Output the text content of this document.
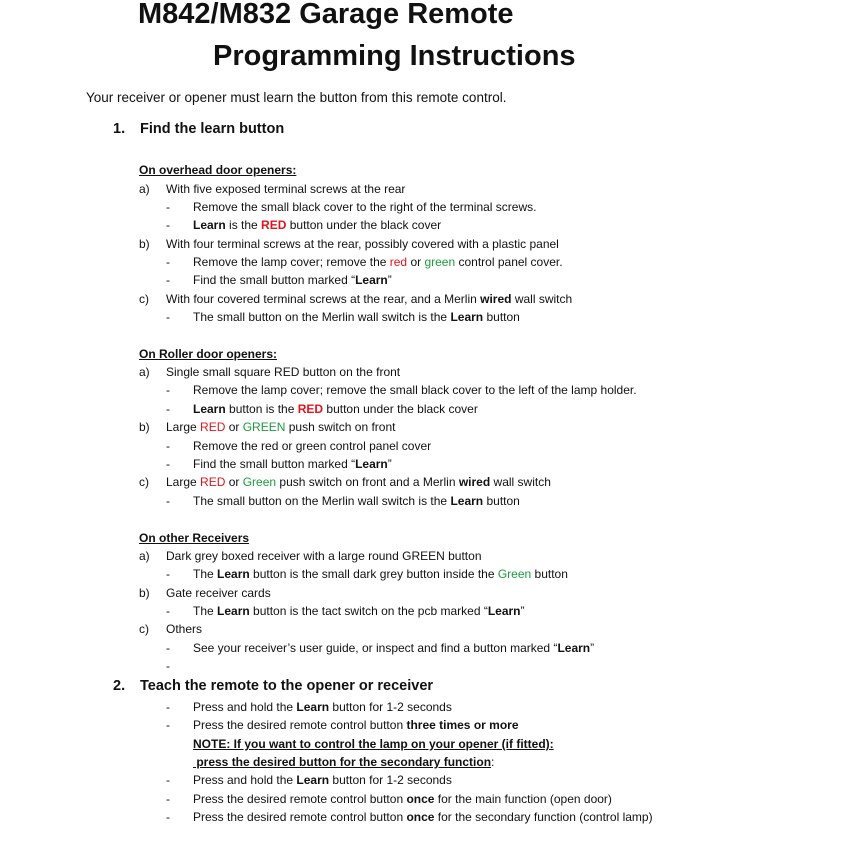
M842/M832 Garage Remote
Programming Instructions
Your receiver or opener must learn the button from this remote control.
1. Find the learn button
On overhead door openers:
a)	With five exposed terminal screws at the rear
- Remove the small black cover to the right of the terminal screws.
- Learn is the RED button under the black cover
b)	With four terminal screws at the rear, possibly covered with a plastic panel
- Remove the lamp cover; remove the red or green control panel cover.
- Find the small button marked “Learn”
c)	With four covered terminal screws at the rear, and a Merlin wired wall switch
- The small button on the Merlin wall switch is the Learn button
On Roller door openers:
a)	Single small square RED button on the front
- Remove the lamp cover; remove the small black cover to the left of the lamp holder.
- Learn button is the RED button under the black cover
b)	Large RED or GREEN push switch on front
- Remove the red or green control panel cover
- Find the small button marked “Learn”
c)	Large RED or Green push switch on front and a Merlin wired wall switch
- The small button on the Merlin wall switch is the Learn button
On other Receivers
a)	Dark grey boxed receiver with a large round GREEN button
- The Learn button is the small dark grey button inside the Green button
b)	Gate receiver cards
- The Learn button is the tact switch on the pcb marked “Learn”
c)	Others
- See your receiver’s user guide, or inspect and find a button marked “Learn”
-
2. Teach the remote to the opener or receiver
- Press and hold the Learn button for 1-2 seconds
- Press the desired remote control button three times or more
NOTE: If you want to control the lamp on your opener (if fitted):
press the desired button for the secondary function:
- Press and hold the Learn button for 1-2 seconds
- Press the desired remote control button once for the main function (open door)
- Press the desired remote control button once for the secondary function (control lamp)
